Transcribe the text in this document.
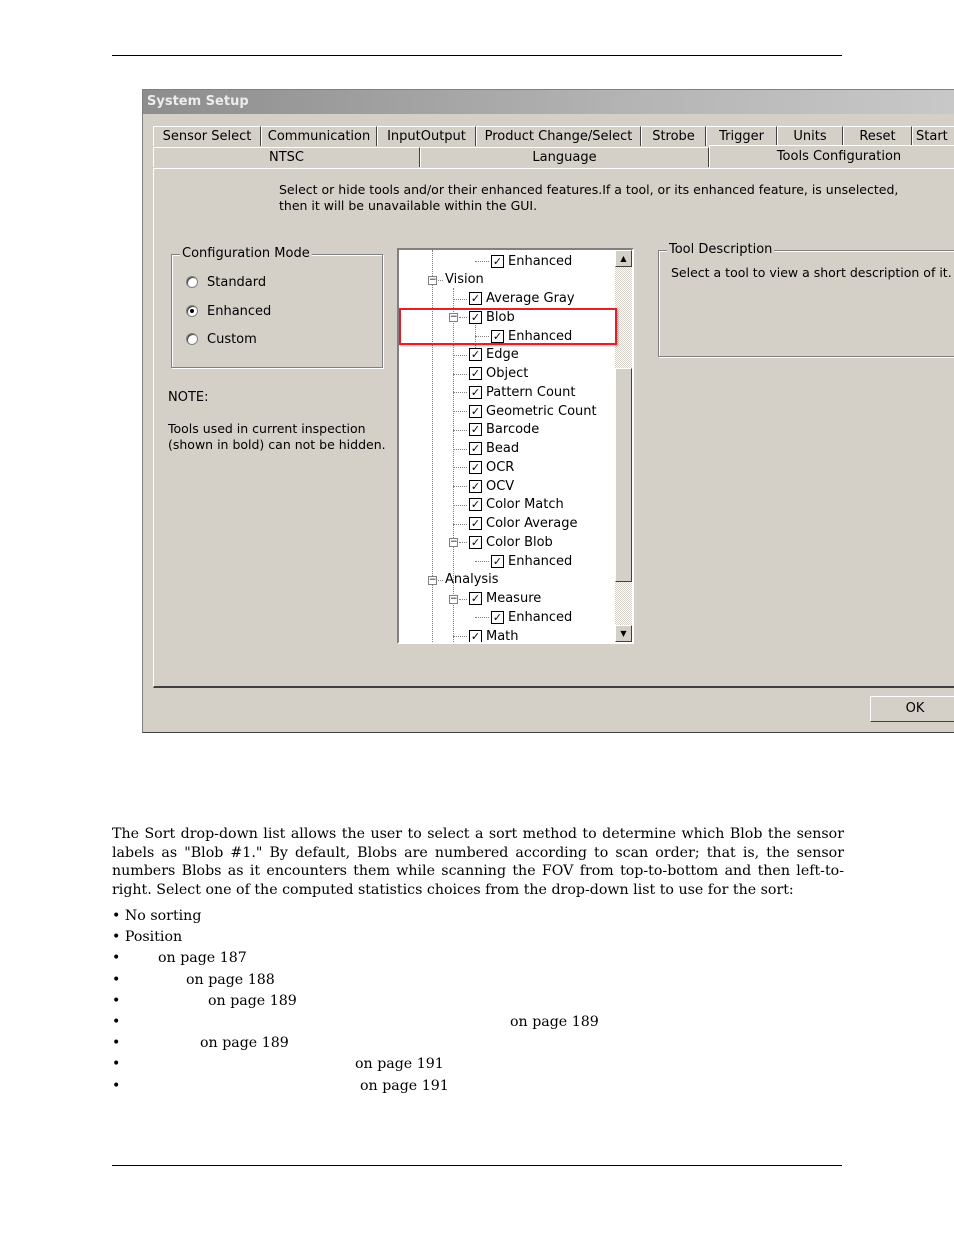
System Setup
Sensor Select	Communication	InputOutput	Product Change/Select	Strobe	Trigger	Units	Reset	Start
NTSC	Language	Tools Configuration
Select or hide tools and/or their enhanced features.If a tool, or its enhanced feature, is unselected, then it will be unavailable within the GUI.
Configuration Mode
Standard
Enhanced
Custom
NOTE:
Tools used in current inspection (shown in bold) can not be hidden.
✓ Enhanced
Vision
−
✓ Average Gray
✓ Blob
−
✓ Enhanced
✓ Edge
✓ Object
✓ Pattern Count
✓ Geometric Count
✓ Barcode
✓ Bead
✓ OCR
✓ OCV
✓ Color Match
✓ Color Average
✓ Color Blob
−
✓ Enhanced
Analysis
−
✓ Measure
−
✓ Enhanced
✓ Math
▲
▼
Tool Description
Select a tool to view a short description of it.
OK
The Sort drop-down list allows the user to select a sort method to determine which Blob the sensor labels as "Blob #1." By default, Blobs are numbered according to scan order; that is, the sensor numbers Blobs as it encounters them while scanning the FOV from top-to-bottom and then left-to-right. Select one of the computed statistics choices from the drop-down list to use for the sort:
• No sorting
• Position
•	on page 187
•	on page 188
•	on page 189
•	on page 189
•	on page 189
•	on page 191
•	on page 191
